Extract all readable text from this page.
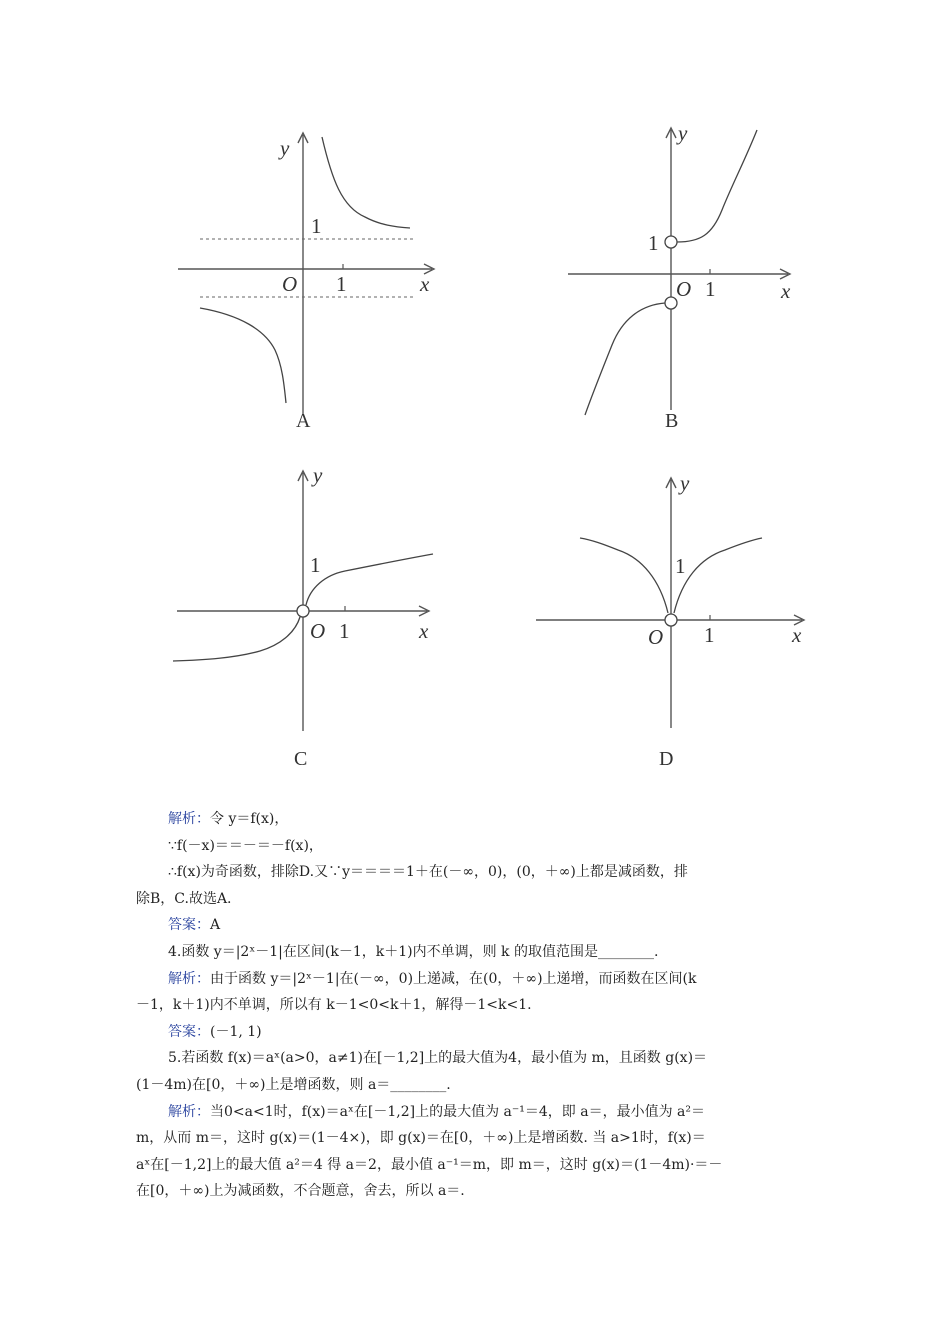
y
1
O 1	x
A
y
1
O 1	x
B
y
1
O 1	x
C
y
1
O 1	x
D

解析：令 y＝f(x)，

∵f(－x)＝＝－＝－f(x)，

∴f(x)为奇函数，排除D.又∵y＝＝＝＝1＋在(－∞，0)，(0，＋∞)上都是减函数，排

除B，C.故选A.

答案：A

4.函数 y＝|2ˣ－1|在区间(k－1，k＋1)内不单调，则 k 的取值范围是________.

解析：由于函数 y＝|2ˣ－1|在(－∞，0)上递减，在(0，＋∞)上递增，而函数在区间(k

－1，k＋1)内不单调，所以有 k－1<0<k＋1，解得－1<k<1.

答案：(－1, 1)

5.若函数 f(x)＝aˣ(a>0，a≠1)在[－1,2]上的最大值为4，最小值为 m，且函数 g(x)＝

(1－4m)在[0，＋∞)上是增函数，则 a＝________.

解析：当0<a<1时，f(x)＝aˣ在[－1,2]上的最大值为 a⁻¹＝4，即 a＝，最小值为 a²＝

m，从而 m＝，这时 g(x)＝(1－4×)，即 g(x)＝在[0，＋∞)上是增函数. 当 a>1时，f(x)＝

aˣ在[－1,2]上的最大值 a²＝4 得 a＝2，最小值 a⁻¹＝m，即 m＝，这时 g(x)＝(1－4m)·＝－

在[0，＋∞)上为减函数，不合题意，舍去，所以 a＝.
